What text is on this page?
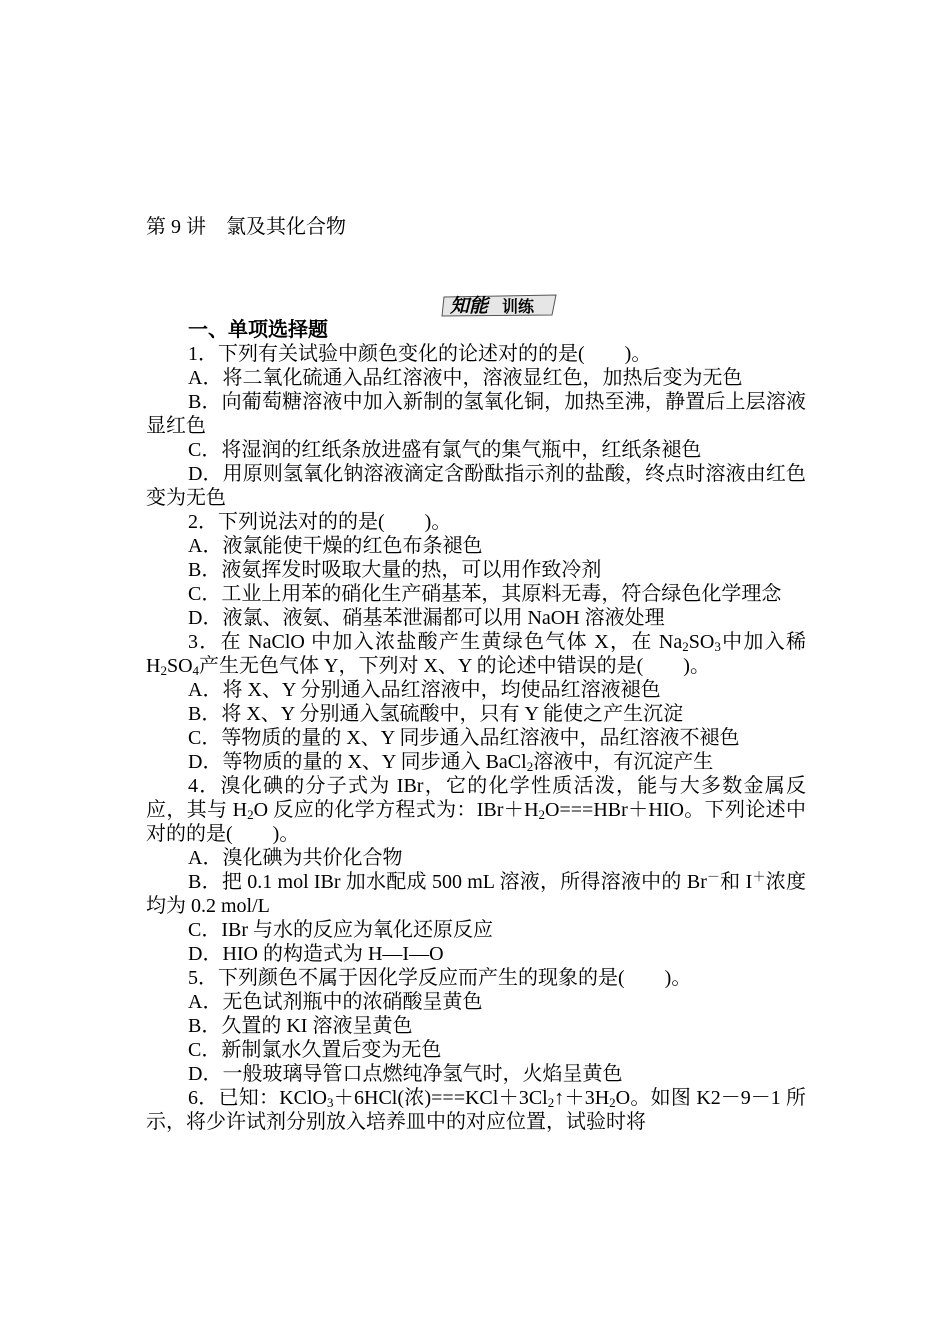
第 9 讲　氯及其化合物
知能 训练

一、单项选择题

1．下列有关试验中颜色变化的论述对的的是(　　)。

A．将二氧化硫通入品红溶液中，溶液显红色，加热后变为无色

B．向葡萄糖溶液中加入新制的氢氧化铜，加热至沸，静置后上层溶液显红色

C．将湿润的红纸条放进盛有氯气的集气瓶中，红纸条褪色

D．用原则氢氧化钠溶液滴定含酚酞指示剂的盐酸，终点时溶液由红色变为无色

2．下列说法对的的是(　　)。

A．液氯能使干燥的红色布条褪色

B．液氨挥发时吸取大量的热，可以用作致冷剂

C．工业上用苯的硝化生产硝基苯，其原料无毒，符合绿色化学理念

D．液氯、液氨、硝基苯泄漏都可以用 NaOH 溶液处理

3．在 NaClO 中加入浓盐酸产生黄绿色气体 X，在 $Na_2SO_3$中加入稀 $H_2SO_4$产生无色气体 Y，下列对 X、Y 的论述中错误的是(　　)。

A．将 X、Y 分别通入品红溶液中，均使品红溶液褪色

B．将 X、Y 分别通入氢硫酸中，只有 Y 能使之产生沉淀

C．等物质的量的 X、Y 同步通入品红溶液中，品红溶液不褪色

D．等物质的量的 X、Y 同步通入 BaCl$_2$溶液中，有沉淀产生

4．溴化碘的分子式为 IBr，它的化学性质活泼，能与大多数金属反应，其与 $H_2O$ 反应的化学方程式为：$IBr+H_2O===HBr+HIO$。下列论述中对的的是(　　)。

A．溴化碘为共价化合物

B．把 0.1 mol IBr 加水配成 500 mL 溶液，所得溶液中的 Br－和 I＋浓度均为 0.2 mol/L

C．IBr 与水的反应为氧化还原反应

D．HIO 的构造式为 H—I—O

5．下列颜色不属于因化学反应而产生的现象的是(　　)。

A．无色试剂瓶中的浓硝酸呈黄色

B．久置的 KI 溶液呈黄色

C．新制氯水久置后变为无色

D．一般玻璃导管口点燃纯净氢气时，火焰呈黄色

6．已知：KClO$_3$＋6HCl(浓)$===KCl+3Cl_2↑+3H_2O$。如图 K2－9－1 所示，将少许试剂分别放入培养皿中的对应位置，试验时将
